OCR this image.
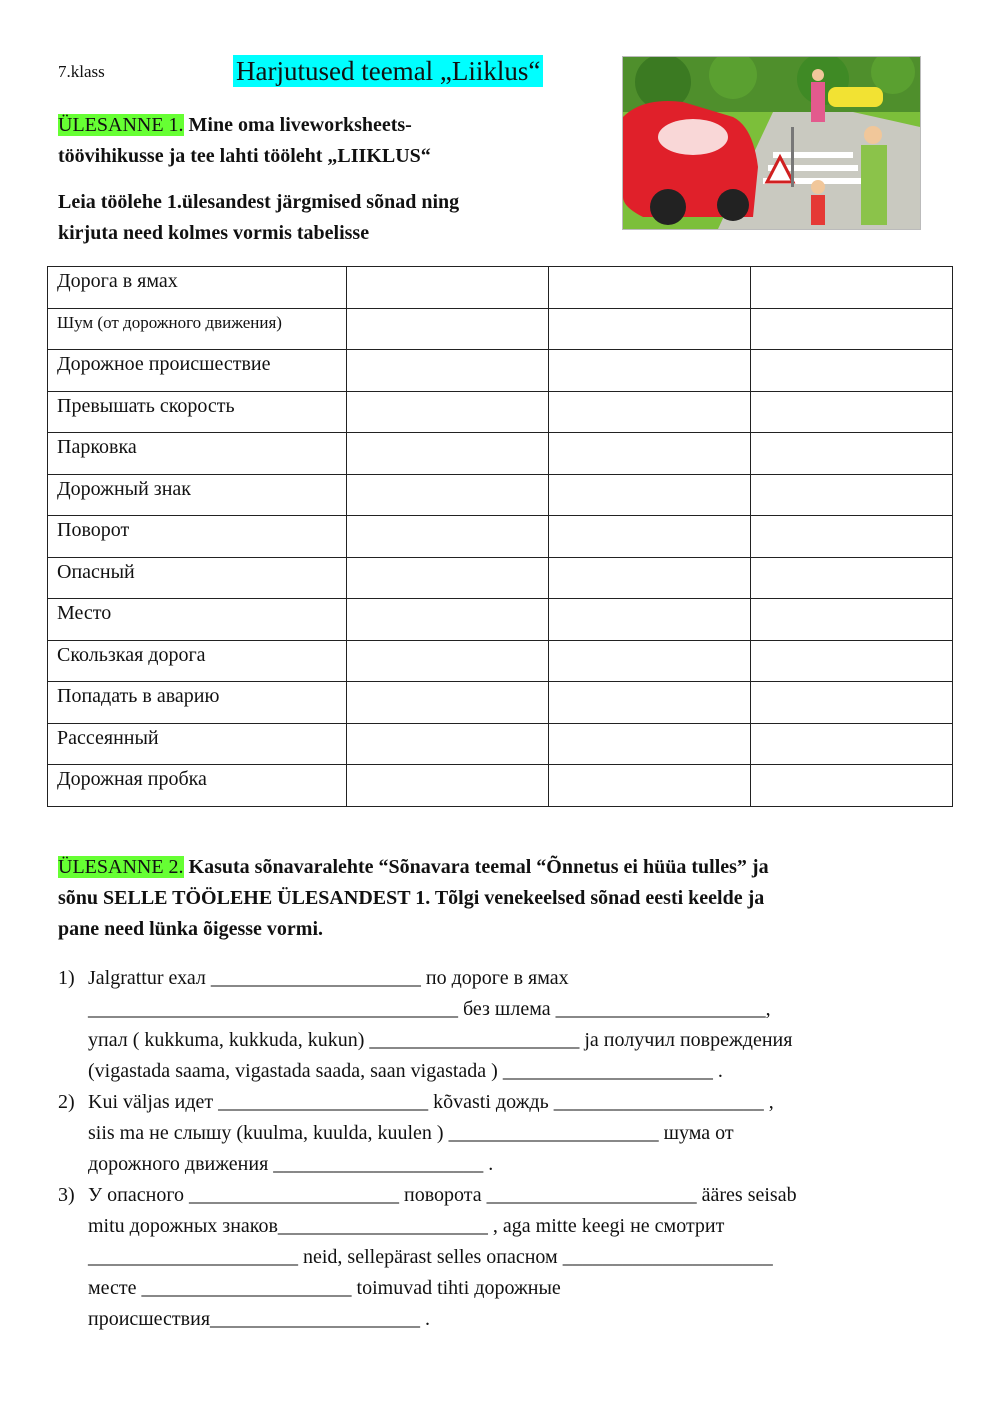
7.klass	Harjutused teemal „Liiklus“
ÜLESANNE 1. Mine oma liveworksheets-
töövihikusse ja tee lahti tööleht „LIIKLUS“
Leia töölehe 1.ülesandest järgmised sõnad ning
kirjuta need kolmes vormis tabelisse
Дорога в ямах			
Шум (от дорожного движения)			
Дорожное происшествие			
Превышать скорость			
Парковка			
Дорожный знак			
Поворот			
Опасный			
Место			
Скользкая дорога			
Попадать в аварию			
Рассеянный			
Дорожная пробка			
ÜLESANNE 2. Kasuta sõnavaralehte “Sõnavara teemal “Õnnetus ei hüüa tulles” ja
sõnu SELLE TÖÖLEHE ÜLESANDEST 1. Tõlgi venekeelsed sõnad eesti keelde ja
pane need lünka õigesse vormi.
1) Jalgrattur ехал _____________________ по дороге в ямах
_____________________________________ без шлема _____________________,
упал ( kukkuma, kukkuda, kukun) _____________________ ja получил повреждения
(vigastada saama, vigastada saada, saan vigastada ) _____________________ .
2) Kui väljas идет _____________________ kõvasti дождь _____________________ ,
siis ma не слышу (kuulma, kuulda, kuulen ) _____________________ шума от
дорожного движения _____________________ .
3) У опасного _____________________ поворота _____________________ ääres seisab
mitu дорожных знаков_____________________ , aga mitte keegi не смотрит
_____________________ neid, sellepärast selles опасном _____________________
месте _____________________ toimuvad tihti дорожные
происшествия_____________________ .
